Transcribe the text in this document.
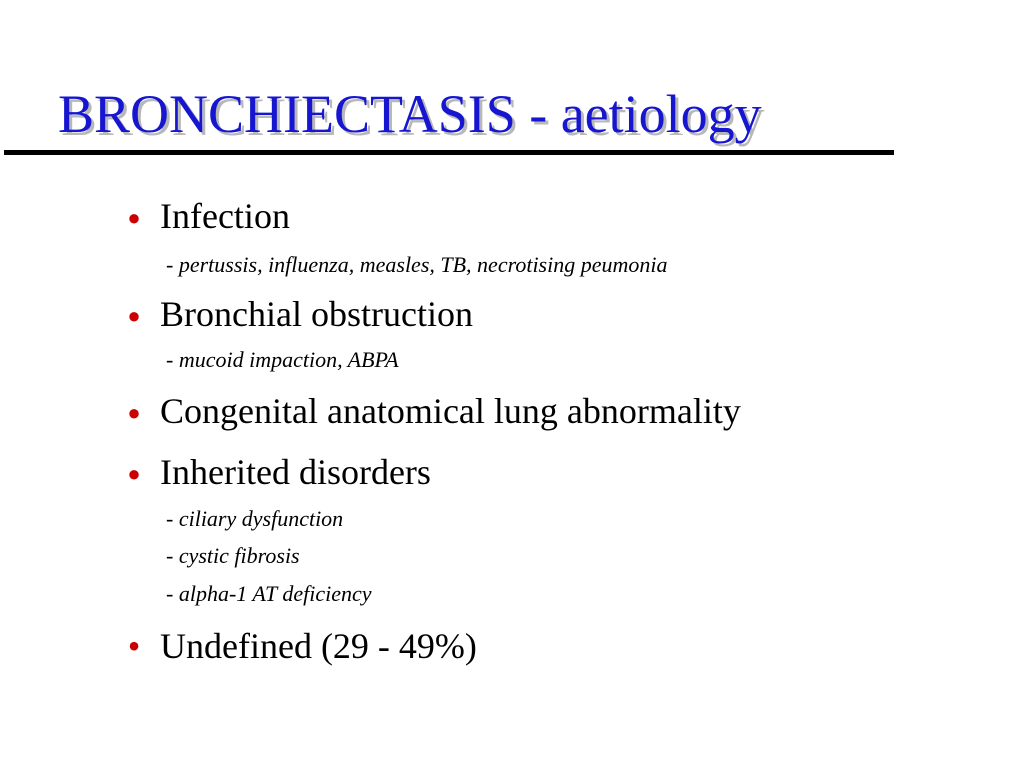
BRONCHIECTASIS - aetiology
● Infection
- pertussis, influenza, measles, TB, necrotising peumonia
● Bronchial obstruction
- mucoid impaction, ABPA
● Congenital anatomical lung abnormality
● Inherited disorders
- ciliary dysfunction
- cystic fibrosis
- alpha-1 AT deficiency
• Undefined (29 - 49%)
